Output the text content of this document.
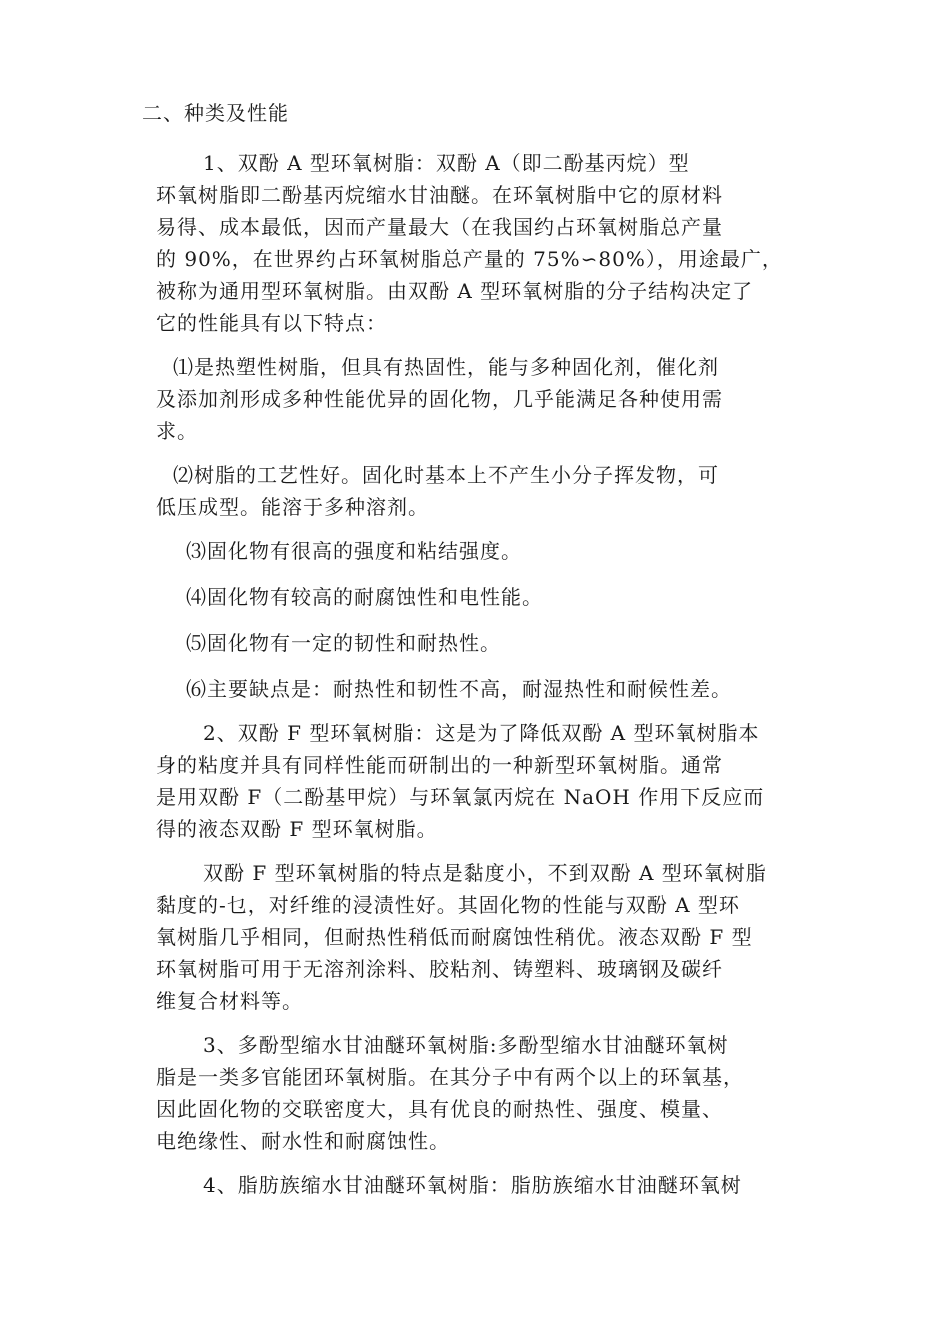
二、种类及性能
1、双酚 A 型环氧树脂：双酚 A（即二酚基丙烷）型
环氧树脂即二酚基丙烷缩水甘油醚。在环氧树脂中它的原材料
易得、成本最低，因而产量最大（在我国约占环氧树脂总产量
的 90%，在世界约占环氧树脂总产量的 75%∽80%），用途最广，
被称为通用型环氧树脂。由双酚 A 型环氧树脂的分子结构决定了
它的性能具有以下特点：
⑴是热塑性树脂，但具有热固性，能与多种固化剂，催化剂
及添加剂形成多种性能优异的固化物，几乎能满足各种使用需
求。
⑵树脂的工艺性好。固化时基本上不产生小分子挥发物，可
低压成型。能溶于多种溶剂。
⑶固化物有很高的强度和粘结强度。
⑷固化物有较高的耐腐蚀性和电性能。
⑸固化物有一定的韧性和耐热性。
⑹主要缺点是：耐热性和韧性不高，耐湿热性和耐候性差。
2、双酚 F 型环氧树脂：这是为了降低双酚 A 型环氧树脂本
身的粘度并具有同样性能而研制出的一种新型环氧树脂。通常
是用双酚 F（二酚基甲烷）与环氧氯丙烷在 NaOH 作用下反应而
得的液态双酚 F 型环氧树脂。
双酚 F 型环氧树脂的特点是黏度小，不到双酚 A 型环氧树脂
黏度的-乜，对纤维的浸渍性好。其固化物的性能与双酚 A 型环
氧树脂几乎相同，但耐热性稍低而耐腐蚀性稍优。液态双酚 F 型
环氧树脂可用于无溶剂涂料、胶粘剂、铸塑料、玻璃钢及碳纤
维复合材料等。
3、多酚型缩水甘油醚环氧树脂:多酚型缩水甘油醚环氧树
脂是一类多官能团环氧树脂。在其分子中有两个以上的环氧基，
因此固化物的交联密度大，具有优良的耐热性、强度、模量、
电绝缘性、耐水性和耐腐蚀性。
4、脂肪族缩水甘油醚环氧树脂：脂肪族缩水甘油醚环氧树
